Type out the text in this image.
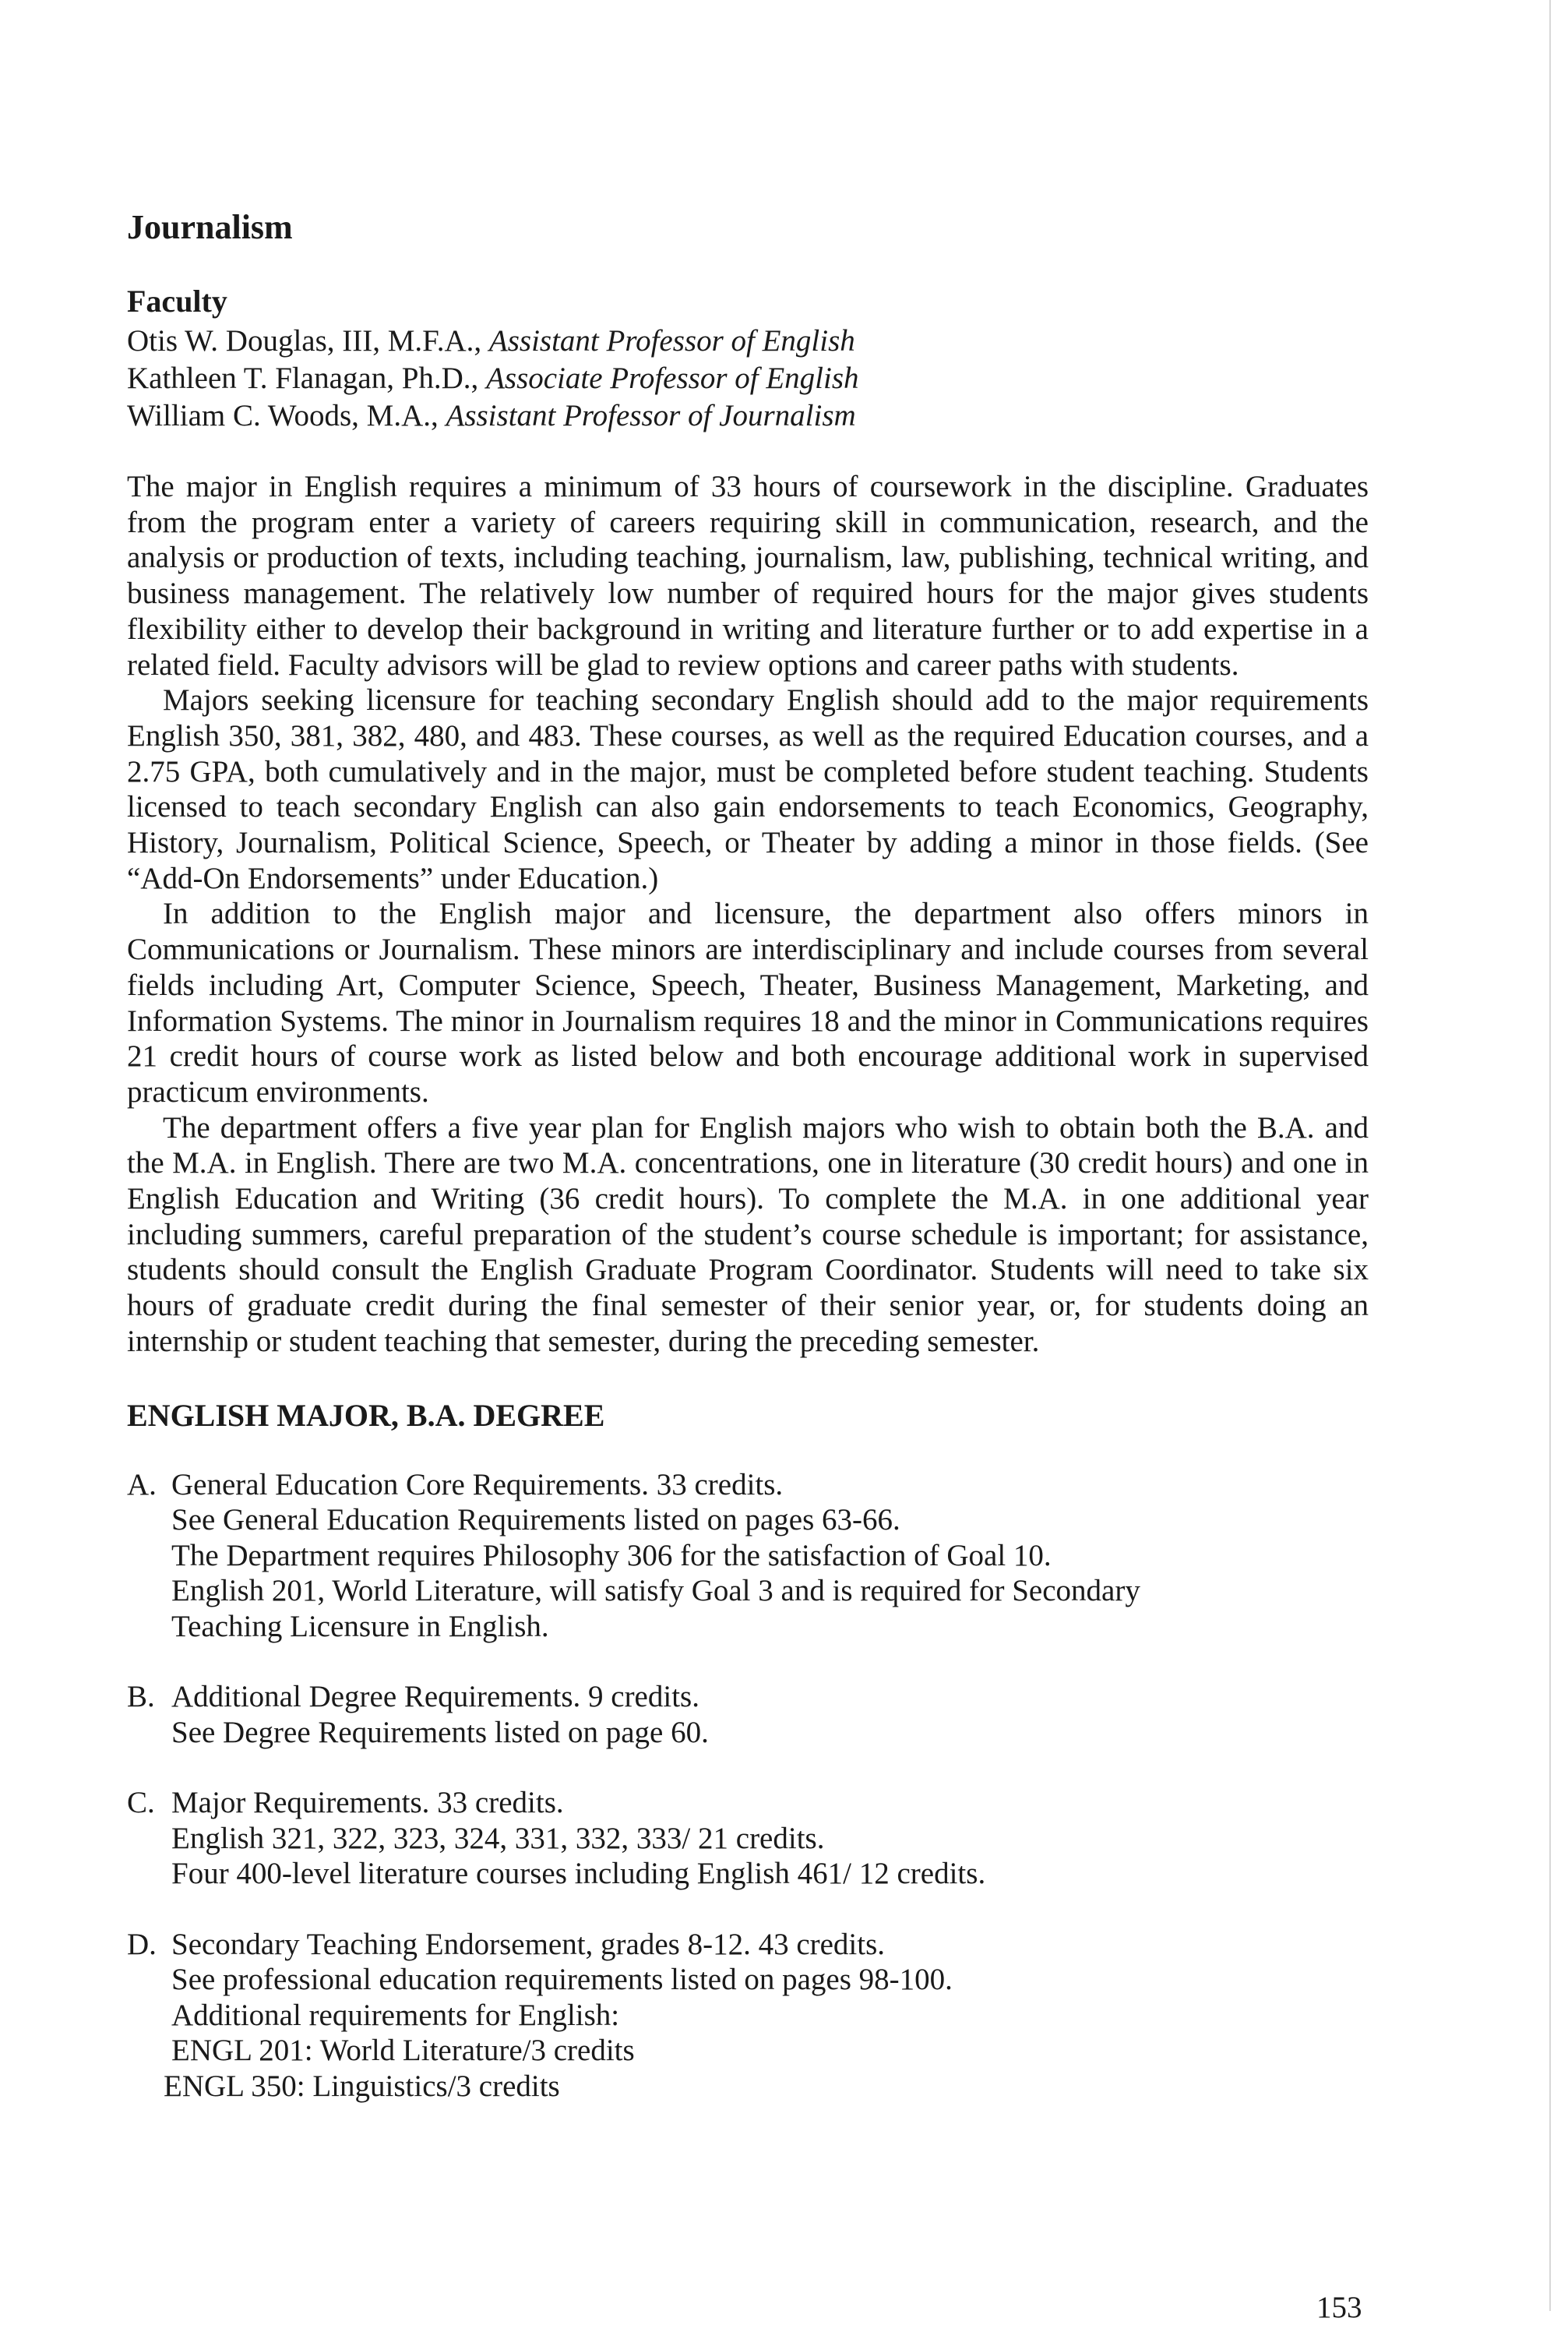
Journalism
Faculty
Otis W. Douglas, III, M.F.A., Assistant Professor of English
Kathleen T. Flanagan, Ph.D., Associate Professor of English
William C. Woods, M.A., Assistant Professor of Journalism

The major in English requires a minimum of 33 hours of coursework in the discipline. Graduates from the program enter a variety of careers requiring skill in communication, research, and the analysis or production of texts, including teaching, journalism, law, publishing, technical writing, and business management. The relatively low number of required hours for the major gives students flexibility either to develop their background in writing and literature further or to add expertise in a related field. Faculty advisors will be glad to review options and career paths with students.

Majors seeking licensure for teaching secondary English should add to the major requirements English 350, 381, 382, 480, and 483. These courses, as well as the required Education courses, and a 2.75 GPA, both cumulatively and in the major, must be completed before student teaching. Students licensed to teach secondary English can also gain endorsements to teach Economics, Geography, History, Journalism, Political Science, Speech, or Theater by adding a minor in those fields. (See “Add-On Endorsements” under Education.)

In addition to the English major and licensure, the department also offers minors in Communications or Journalism. These minors are interdisciplinary and include courses from several fields including Art, Computer Science, Speech, Theater, Business Management, Marketing, and Information Systems. The minor in Journalism requires 18 and the minor in Communications requires 21 credit hours of course work as listed below and both encourage additional work in supervised practicum environments.

The department offers a five year plan for English majors who wish to obtain both the B.A. and the M.A. in English. There are two M.A. concentrations, one in literature (30 credit hours) and one in English Education and Writing (36 credit hours). To complete the M.A. in one additional year including summers, careful preparation of the student’s course schedule is important; for assistance, students should consult the English Graduate Program Coordinator. Students will need to take six hours of graduate credit during the final semester of their senior year, or, for students doing an internship or student teaching that semester, during the preceding semester.

ENGLISH MAJOR, B.A. DEGREE
A. General Education Core Requirements. 33 credits.
See General Education Requirements listed on pages 63-66.
The Department requires Philosophy 306 for the satisfaction of Goal 10.
English 201, World Literature, will satisfy Goal 3 and is required for Secondary
Teaching Licensure in English.
B. Additional Degree Requirements. 9 credits.
See Degree Requirements listed on page 60.
C. Major Requirements. 33 credits.
English 321, 322, 323, 324, 331, 332, 333/ 21 credits.
Four 400-level literature courses including English 461/ 12 credits.
D. Secondary Teaching Endorsement, grades 8-12. 43 credits.
See professional education requirements listed on pages 98-100.
Additional requirements for English:
ENGL 201: World Literature/3 credits
ENGL 350: Linguistics/3 credits
153
